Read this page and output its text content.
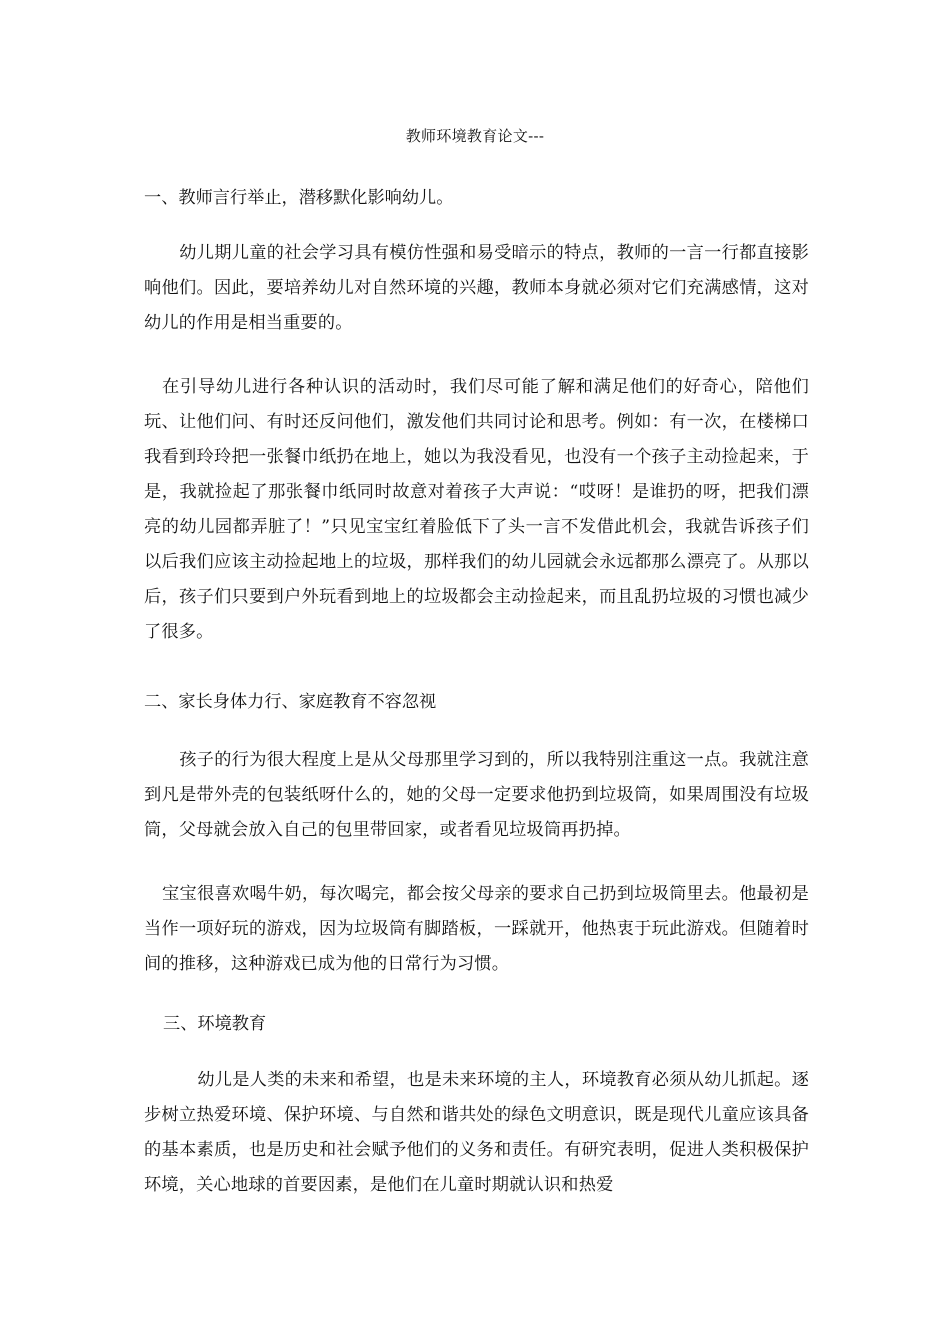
教师环境教育论文---
一、教师言行举止，潜移默化影响幼儿。
幼儿期儿童的社会学习具有模仿性强和易受暗示的特点，教师的一言一行都直接影响他们。因此，要培养幼儿对自然环境的兴趣，教师本身就必须对它们充满感情，这对幼儿的作用是相当重要的。
在引导幼儿进行各种认识的活动时，我们尽可能了解和满足他们的好奇心，陪他们玩、让他们问、有时还反问他们，激发他们共同讨论和思考。例如：有一次，在楼梯口我看到玲玲把一张餐巾纸扔在地上，她以为我没看见，也没有一个孩子主动捡起来，于是，我就捡起了那张餐巾纸同时故意对着孩子大声说：“哎呀！是谁扔的呀，把我们漂亮的幼儿园都弄脏了！”只见宝宝红着脸低下了头一言不发借此机会，我就告诉孩子们以后我们应该主动捡起地上的垃圾，那样我们的幼儿园就会永远都那么漂亮了。从那以后，孩子们只要到户外玩看到地上的垃圾都会主动捡起来，而且乱扔垃圾的习惯也减少了很多。
二、家长身体力行、家庭教育不容忽视
孩子的行为很大程度上是从父母那里学习到的，所以我特别注重这一点。我就注意到凡是带外壳的包装纸呀什么的，她的父母一定要求他扔到垃圾筒，如果周围没有垃圾筒，父母就会放入自己的包里带回家，或者看见垃圾筒再扔掉。
宝宝很喜欢喝牛奶，每次喝完，都会按父母亲的要求自己扔到垃圾筒里去。他最初是当作一项好玩的游戏，因为垃圾筒有脚踏板，一踩就开，他热衷于玩此游戏。但随着时间的推移，这种游戏已成为他的日常行为习惯。
三、环境教育
幼儿是人类的未来和希望，也是未来环境的主人，环境教育必须从幼儿抓起。逐步树立热爱环境、保护环境、与自然和谐共处的绿色文明意识，既是现代儿童应该具备的基本素质，也是历史和社会赋予他们的义务和责任。有研究表明，促进人类积极保护环境，关心地球的首要因素，是他们在儿童时期就认识和热爱
